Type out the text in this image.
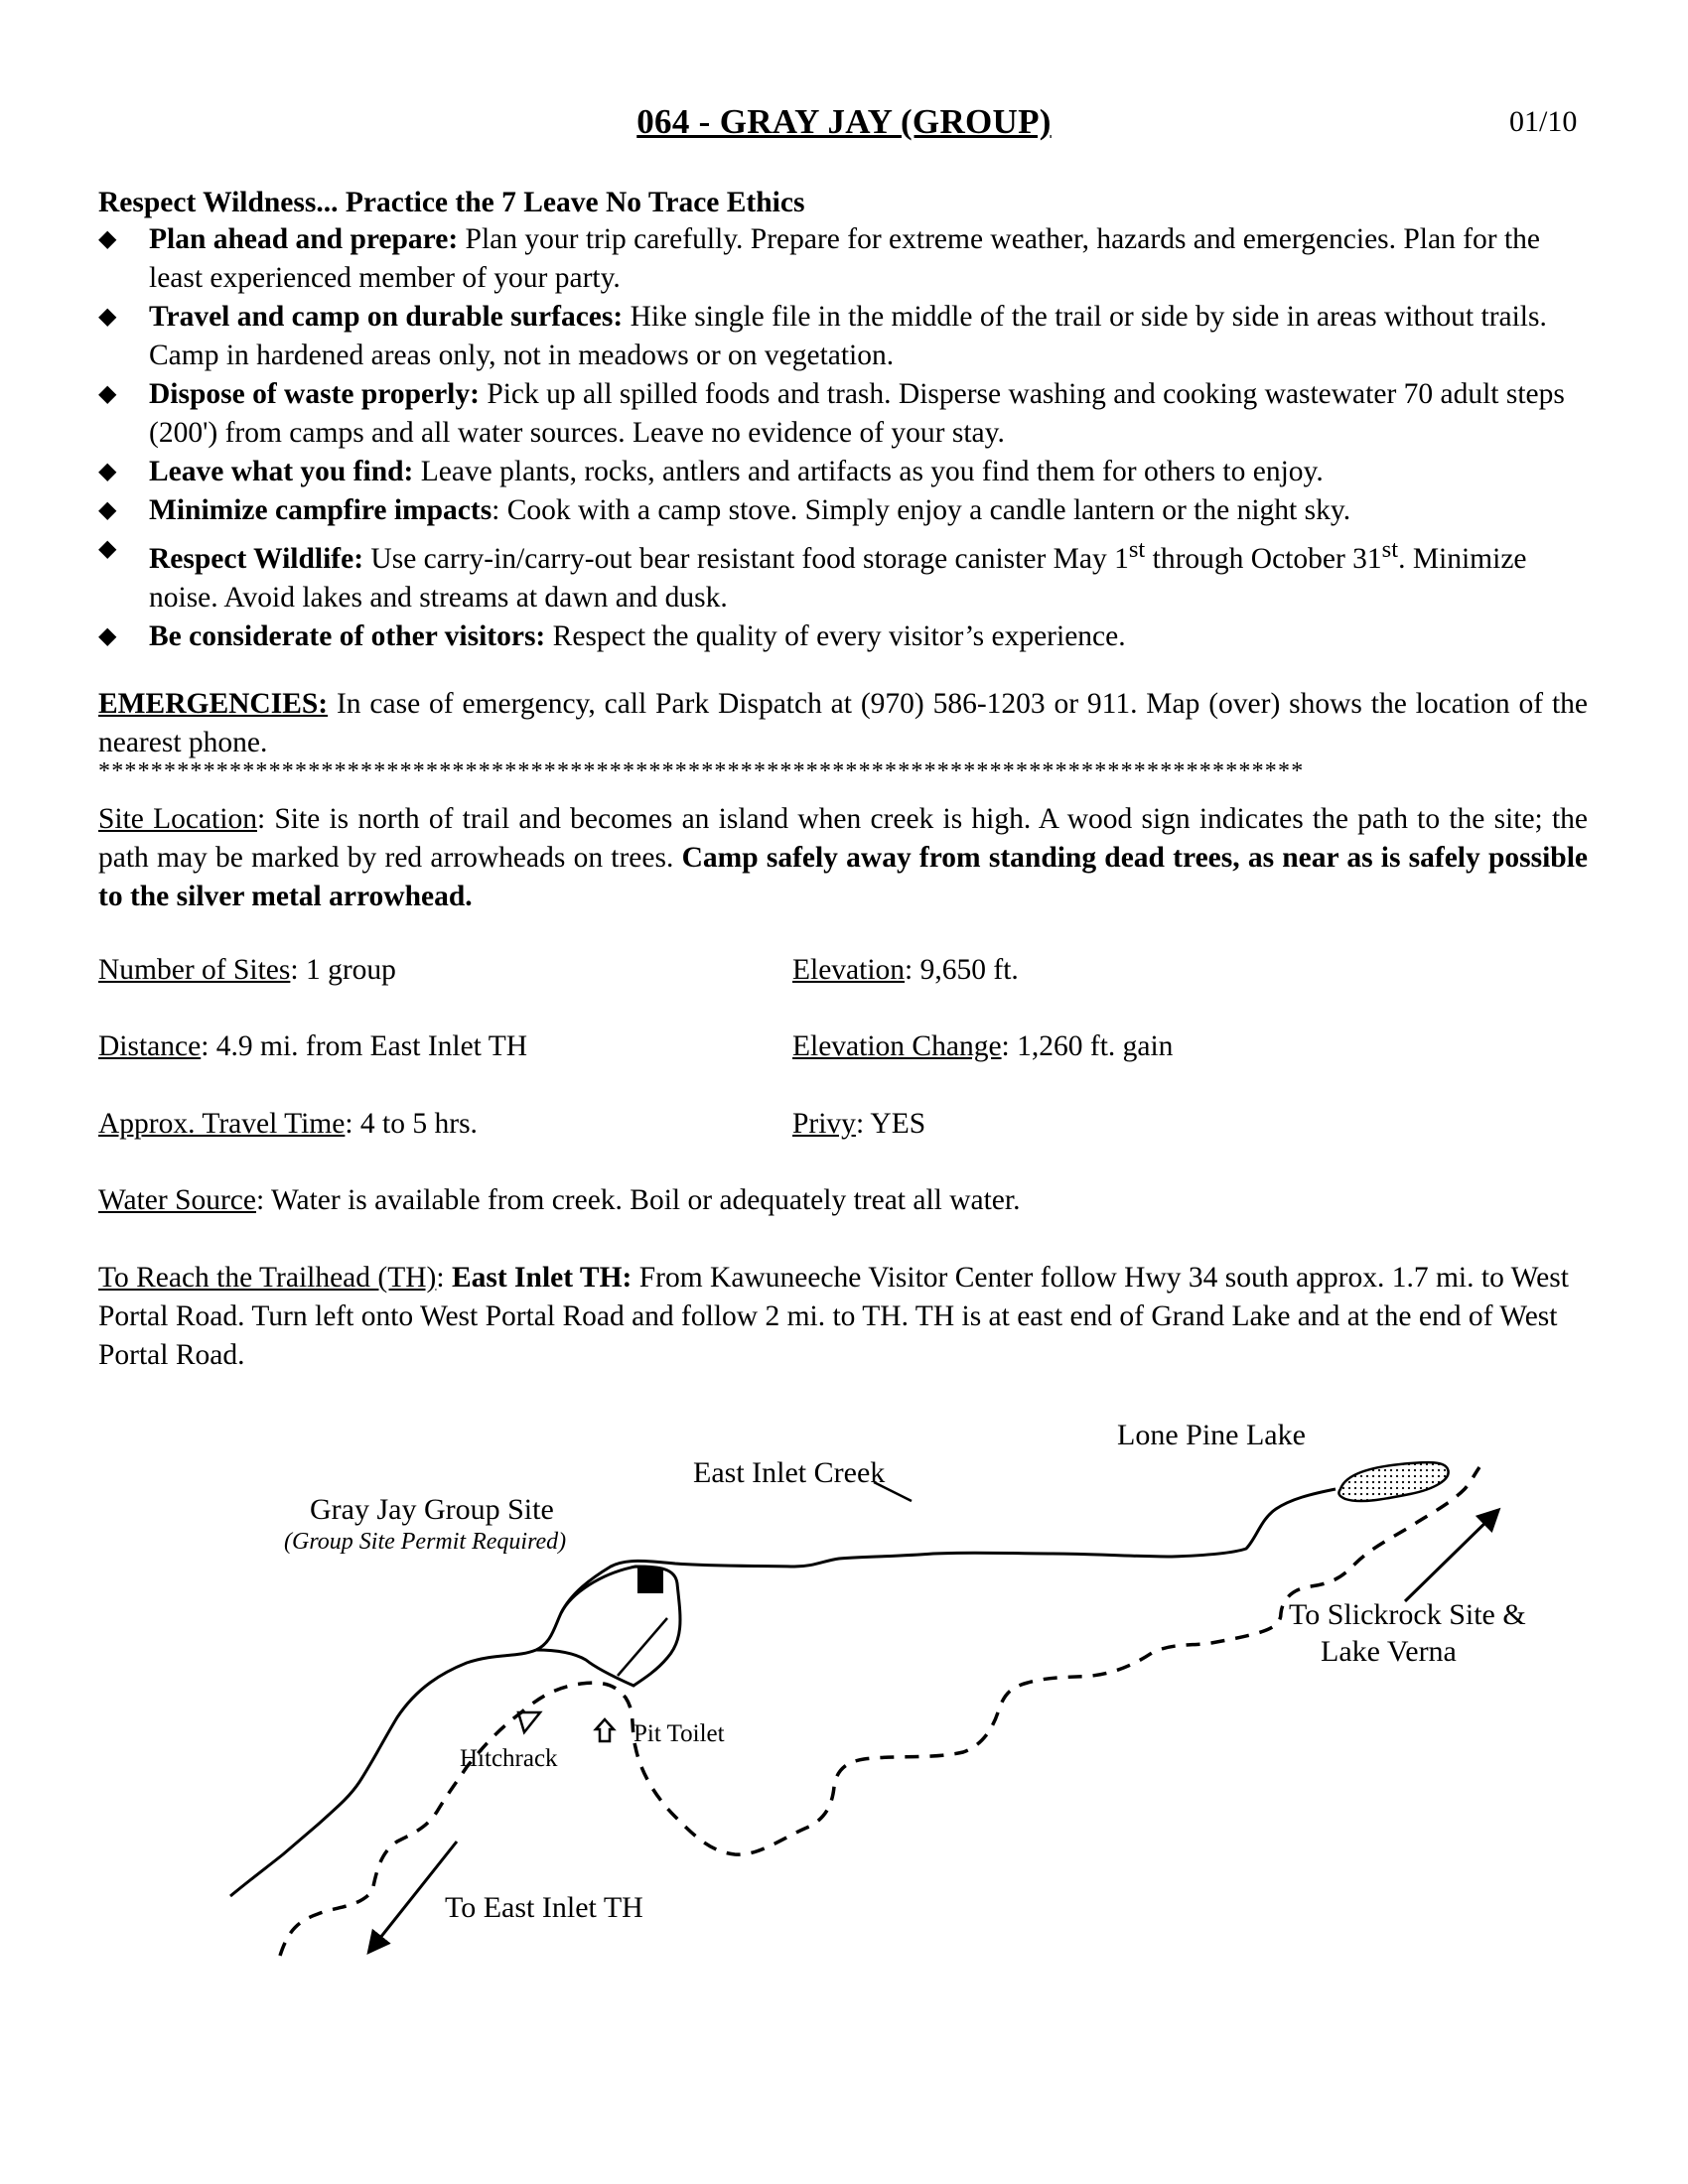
064 - GRAY JAY (GROUP)	01/10
Respect Wildness... Practice the 7 Leave No Trace Ethics
◆ Plan ahead and prepare: Plan your trip carefully. Prepare for extreme weather, hazards and emergencies. Plan for the least experienced member of your party.
◆ Travel and camp on durable surfaces: Hike single file in the middle of the trail or side by side in areas without trails. Camp in hardened areas only, not in meadows or on vegetation.
◆ Dispose of waste properly: Pick up all spilled foods and trash. Disperse washing and cooking wastewater 70 adult steps (200') from camps and all water sources. Leave no evidence of your stay.
◆ Leave what you find: Leave plants, rocks, antlers and artifacts as you find them for others to enjoy.
◆ Minimize campfire impacts: Cook with a camp stove. Simply enjoy a candle lantern or the night sky.
◆ Respect Wildlife: Use carry-in/carry-out bear resistant food storage canister May 1st through October 31st. Minimize noise. Avoid lakes and streams at dawn and dusk.
◆ Be considerate of other visitors: Respect the quality of every visitor’s experience.
EMERGENCIES: In case of emergency, call Park Dispatch at (970) 586-1203 or 911. Map (over) shows the location of the nearest phone.
********************************************************************************************
Site Location: Site is north of trail and becomes an island when creek is high. A wood sign indicates the path to the site; the path may be marked by red arrowheads on trees. Camp safely away from standing dead trees, as near as is safely possible to the silver metal arrowhead.
Number of Sites: 1 group	Elevation: 9,650 ft.
Distance: 4.9 mi. from East Inlet TH	Elevation Change: 1,260 ft. gain
Approx. Travel Time: 4 to 5 hrs.	Privy: YES
Water Source: Water is available from creek. Boil or adequately treat all water.
To Reach the Trailhead (TH): East Inlet TH: From Kawuneeche Visitor Center follow Hwy 34 south approx. 1.7 mi. to West Portal Road. Turn left onto West Portal Road and follow 2 mi. to TH. TH is at east end of Grand Lake and at the end of West Portal Road.
Lone Pine Lake
East Inlet Creek
Gray Jay Group Site
(Group Site Permit Required)
To Slickrock Site &
Lake Verna
Pit Toilet
Hitchrack
To East Inlet TH
